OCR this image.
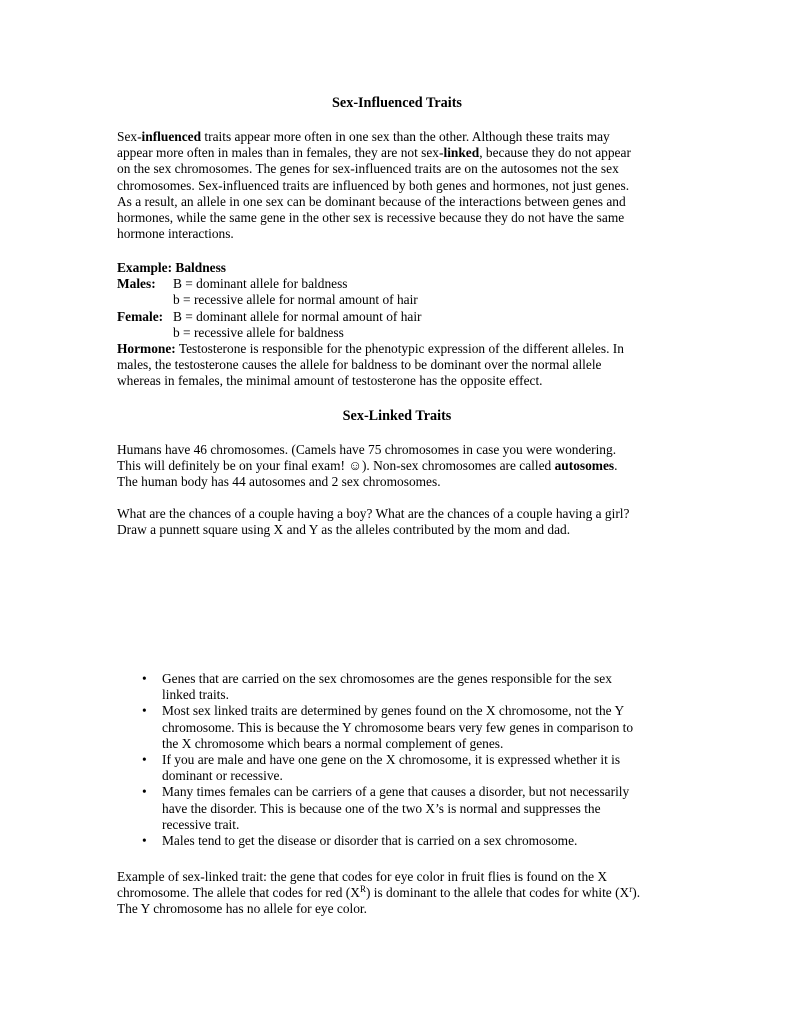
Sex-Influenced Traits
Sex-influenced traits appear more often in one sex than the other. Although these traits may
appear more often in males than in females, they are not sex-linked, because they do not appear
on the sex chromosomes. The genes for sex-influenced traits are on the autosomes not the sex
chromosomes. Sex-influenced traits are influenced by both genes and hormones, not just genes.
As a result, an allele in one sex can be dominant because of the interactions between genes and
hormones, while the same gene in the other sex is recessive because they do not have the same
hormone interactions.
Example: Baldness
Males: B = dominant allele for baldness
b = recessive allele for normal amount of hair
Female: B = dominant allele for normal amount of hair
b = recessive allele for baldness
Hormone: Testosterone is responsible for the phenotypic expression of the different alleles. In
males, the testosterone causes the allele for baldness to be dominant over the normal allele
whereas in females, the minimal amount of testosterone has the opposite effect.
Sex-Linked Traits
Humans have 46 chromosomes. (Camels have 75 chromosomes in case you were wondering.
This will definitely be on your final exam! ☺). Non-sex chromosomes are called autosomes.
The human body has 44 autosomes and 2 sex chromosomes.
What are the chances of a couple having a boy? What are the chances of a couple having a girl?
Draw a punnett square using X and Y as the alleles contributed by the mom and dad.
• Genes that are carried on the sex chromosomes are the genes responsible for the sex
linked traits.
• Most sex linked traits are determined by genes found on the X chromosome, not the Y
chromosome. This is because the Y chromosome bears very few genes in comparison to
the X chromosome which bears a normal complement of genes.
• If you are male and have one gene on the X chromosome, it is expressed whether it is
dominant or recessive.
• Many times females can be carriers of a gene that causes a disorder, but not necessarily
have the disorder. This is because one of the two X’s is normal and suppresses the
recessive trait.
• Males tend to get the disease or disorder that is carried on a sex chromosome.
Example of sex-linked trait: the gene that codes for eye color in fruit flies is found on the X
chromosome. The allele that codes for red $(X^R)$ is dominant to the allele that codes for white $(X^r)$.
The Y chromosome has no allele for eye color.
